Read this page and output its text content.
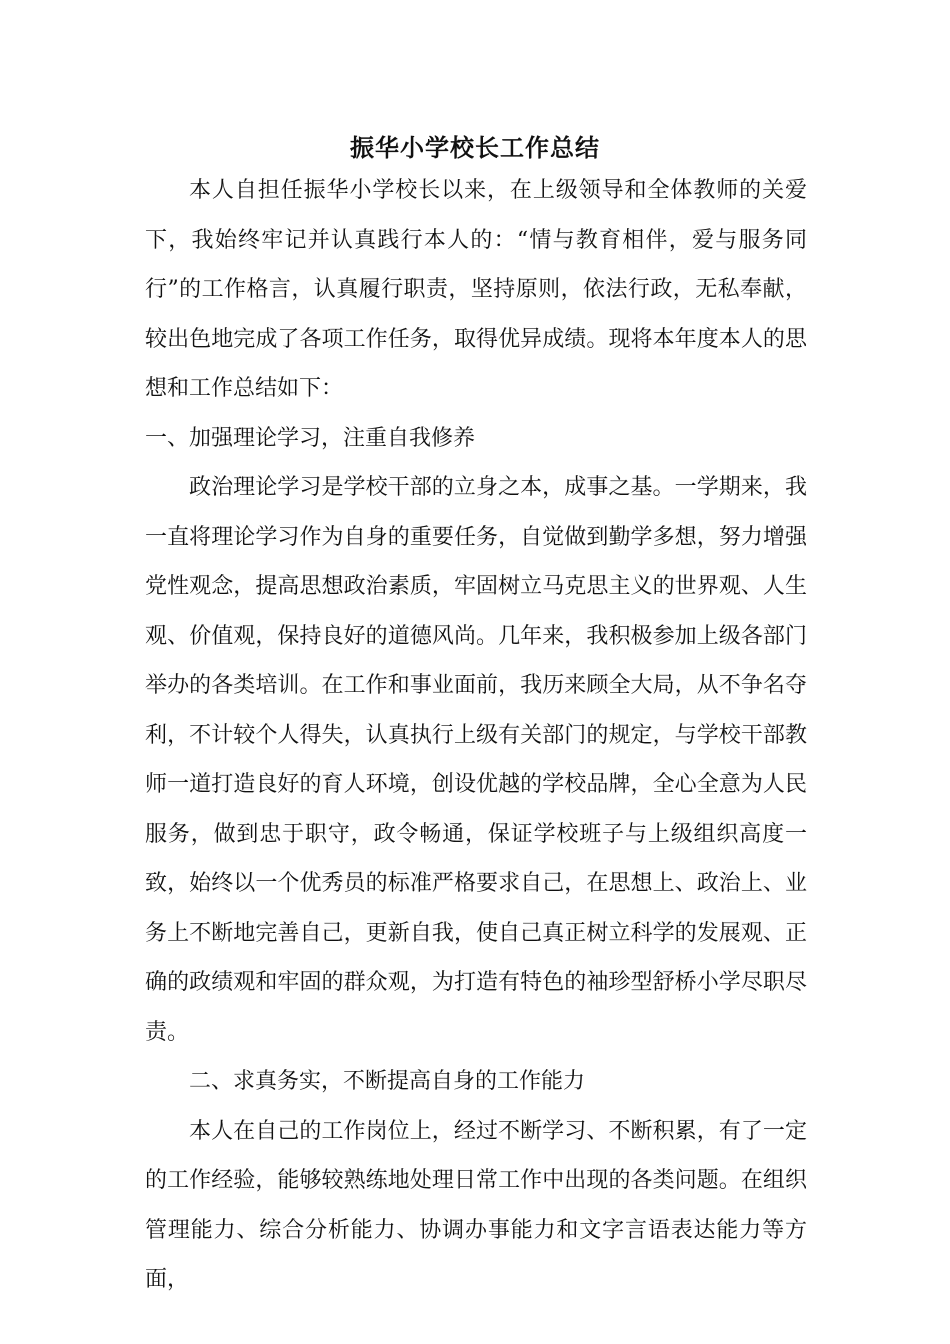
振华小学校长工作总结

本人自担任振华小学校长以来，在上级领导和全体教师的关爱下，我始终牢记并认真践行本人的：“情与教育相伴，爱与服务同行”的工作格言，认真履行职责，坚持原则，依法行政，无私奉献，较出色地完成了各项工作任务，取得优异成绩。现将本年度本人的思想和工作总结如下：

一、加强理论学习，注重自我修养

政治理论学习是学校干部的立身之本，成事之基。一学期来，我一直将理论学习作为自身的重要任务，自觉做到勤学多想，努力增强党性观念，提高思想政治素质，牢固树立马克思主义的世界观、人生观、价值观，保持良好的道德风尚。几年来，我积极参加上级各部门举办的各类培训。在工作和事业面前，我历来顾全大局，从不争名夺利，不计较个人得失，认真执行上级有关部门的规定，与学校干部教师一道打造良好的育人环境，创设优越的学校品牌，全心全意为人民服务，做到忠于职守，政令畅通，保证学校班子与上级组织高度一致，始终以一个优秀员的标准严格要求自己，在思想上、政治上、业务上不断地完善自己，更新自我，使自己真正树立科学的发展观、正确的政绩观和牢固的群众观，为打造有特色的袖珍型舒桥小学尽职尽责。

二、求真务实，不断提高自身的工作能力

本人在自己的工作岗位上，经过不断学习、不断积累，有了一定的工作经验，能够较熟练地处理日常工作中出现的各类问题。在组织管理能力、综合分析能力、协调办事能力和文字言语表达能力等方面，
